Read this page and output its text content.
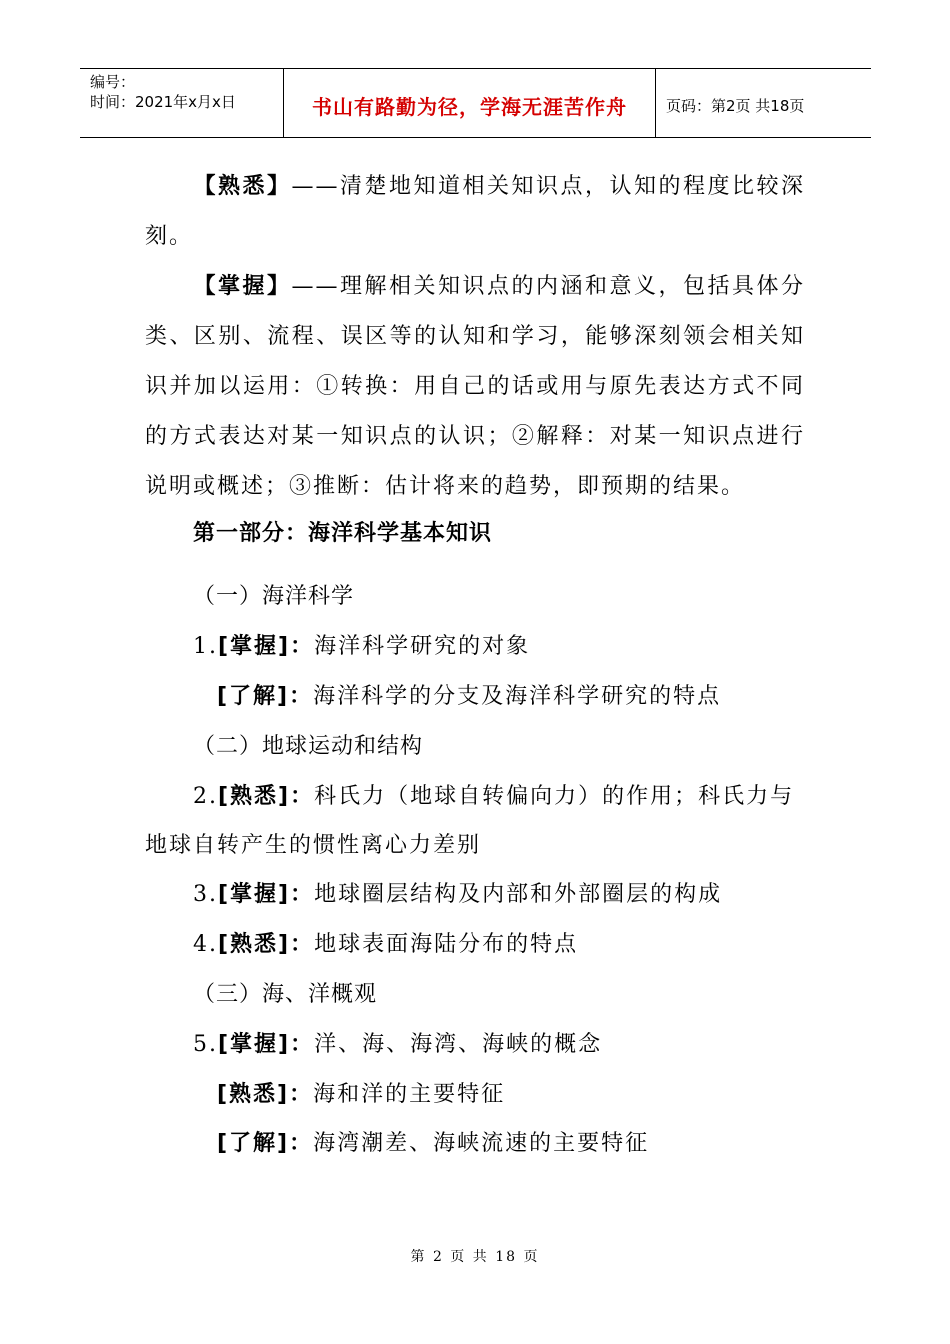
编号：
时间：2021年x月x日	书山有路勤为径，学海无涯苦作舟	页码：第2页 共18页
【熟悉】——清楚地知道相关知识点，认知的程度比较深刻。
【掌握】——理解相关知识点的内涵和意义，包括具体分类、区别、流程、误区等的认知和学习，能够深刻领会相关知识并加以运用：①转换：用自己的话或用与原先表达方式不同的方式表达对某一知识点的认识；②解释：对某一知识点进行说明或概述；③推断：估计将来的趋势，即预期的结果。
第一部分：海洋科学基本知识
（一）海洋科学
1.[掌握]：海洋科学研究的对象
[了解]：海洋科学的分支及海洋科学研究的特点
（二）地球运动和结构
2.[熟悉]：科氏力（地球自转偏向力）的作用；科氏力与
地球自转产生的惯性离心力差别
3.[掌握]：地球圈层结构及内部和外部圈层的构成
4.[熟悉]：地球表面海陆分布的特点
（三）海、洋概观
5.[掌握]：洋、海、海湾、海峡的概念
[熟悉]：海和洋的主要特征
[了解]：海湾潮差、海峡流速的主要特征
第 2 页 共 18 页
